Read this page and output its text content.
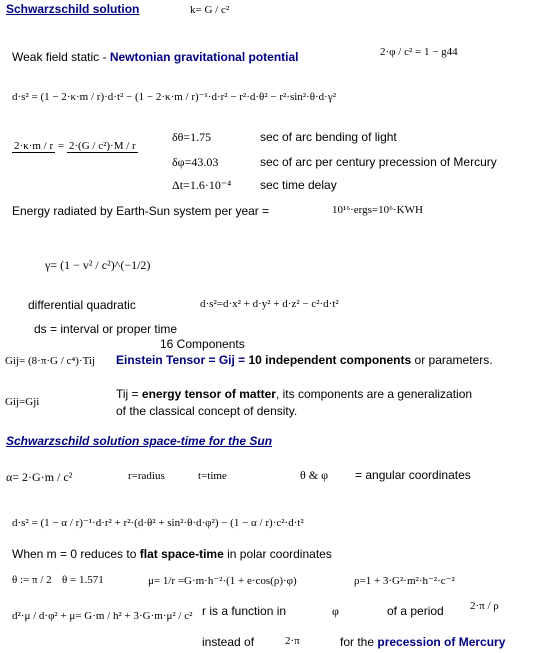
Schwarzschild solution	k= G / c²
Weak field static - Newtonian gravitational potential	2·φ / c² = 1 − g44
d·s² = (1 − 2·κ·m / r)·d·t² − (1 − 2·κ·m / r)⁻¹·d·r² − r²·d·θ² − r²·sin²·θ·d·γ²
2·κ·m / r = 2·(G / c²)·M / r
δθ=1.75	sec of arc bending of light
δφ=43.03	sec of arc per century precession of Mercury
Δt=1.6·10⁻⁴ sec time delay
Energy radiated by Earth-Sun system per year =	10¹⁶·ergs=10⁶·KWH
γ= (1 − v² / c²)^(−1/2)
differential quadratic	d·s²=d·x² + d·y² + d·z² − c²·d·t²
ds = interval or proper time
16 Components
Gij= (8·π·G / c⁴)·Tij Einstein Tensor = Gij = 10 independent components or parameters.
Gij=Gji
Tij = energy tensor of matter, its components are a generalization
of the classical concept of density.
Schwarzschild solution space-time for the Sun
α= 2·G·m / c²	r=radius	t=time	θ & φ = angular coordinates
d·s² = (1 − α / r)⁻¹·d·r² + r²·(d·θ² + sin²·θ·d·φ²) − (1 − α / r)·c²·d·t²
When m = 0 reduces to flat space-time in polar coordinates
θ := π / 2 θ = 1.571	μ= 1/r =G·m·h⁻²·(1 + e·cos(ρ)·φ)	ρ=1 + 3·G²·m²·h⁻²·c⁻²
d²·μ / d·φ² + μ= G·m / h² + 3·G·m·μ² / c² r is a function in	φ	of a period 2·π / ρ
instead of	2·π	for the precession of Mercury
